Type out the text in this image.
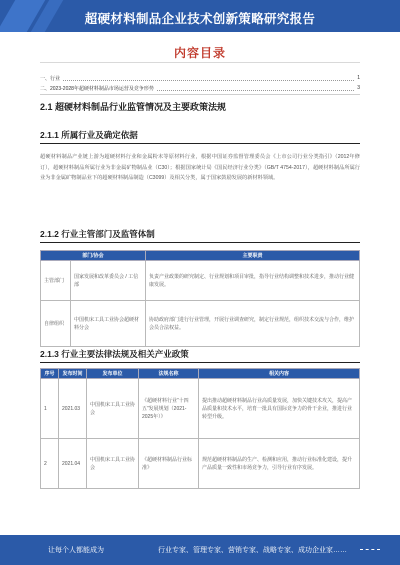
超硬材料制品企业技术创新策略研究报告
内容目录
一、行业	1
二、2023-2028年超硬材料制品市场运营及竞争形势	3
2.1 超硬材料制品行业监管情况及主要政策法规
2.1.1 所属行业及确定依据
超硬材料制品产业链上游为超硬材料行业和金属粉末等原材料行业，根据中国证券监督管理委员会《上市公司行业分类指引》（2012年修订），超硬材料制品所属行业为非金属矿物制品业（C30）；根据国家统计局《国民经济行业分类》（GB/T 4754-2017），超硬材料制品所属行业为非金属矿物制品业下的超硬材料制品制造（C3099）及相关分类，属于国家鼓励发展的新材料领域。
2.1.2 行业主管部门及监管体制
部门/协会		主要职责
主管部门	国家发展和改革委员会 / 工信部	负责产业政策的研究制定、行业规划和项目审批，指导行业结构调整和技术进步，推动行业健康发展。
自律组织	中国机床工具工业协会超硬材料分会	协助政府部门进行行业管理，开展行业调查研究，制定行业规范，组织技术交流与合作，维护会员合法权益。
2.1.3 行业主要法律法规及相关产业政策
序号	发布时间	发布单位	法规名称	相关内容
1	2021.03	中国机床工具工业协会	《超硬材料行业“十四五”发展规划（2021-2025年）》	提出推动超硬材料制品行业高质量发展，加快关键技术攻关，提高产品质量和技术水平，培育一批具有国际竞争力的骨干企业，推进行业转型升级。
2	2021.04	中国机床工具工业协会	《超硬材料制品行业标准》	规范超硬材料制品的生产、检测和应用，推动行业标准化建设，提升产品质量一致性和市场竞争力，引导行业有序发展。
让每个人都能成为	行业专家、管理专家、营销专家、战略专家、成功企业家……
